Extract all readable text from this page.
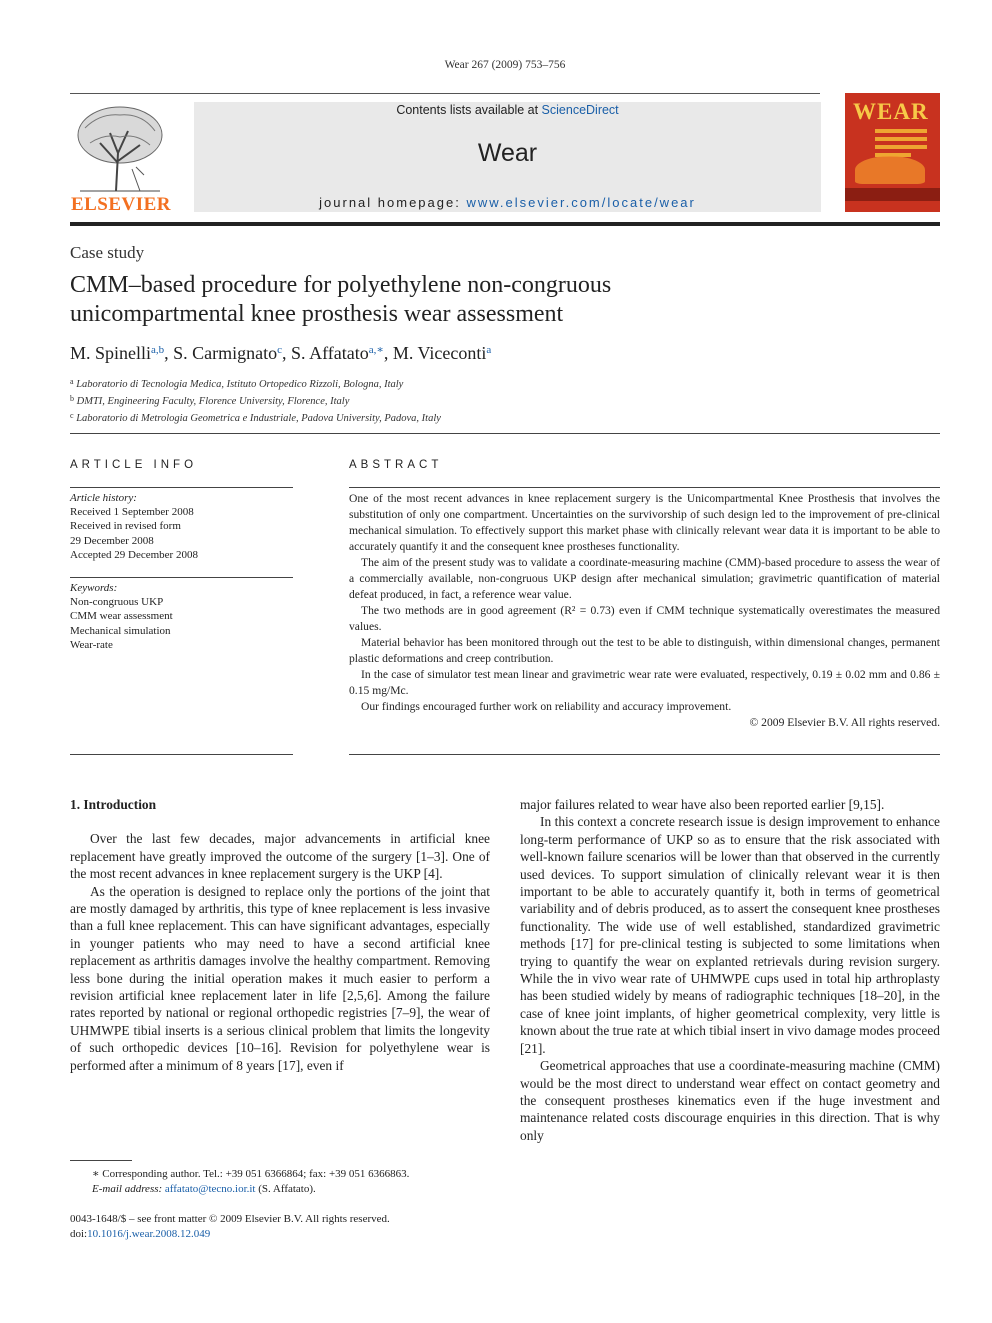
Wear 267 (2009) 753–756
ELSEVIER
Contents lists available at ScienceDirect
Wear
journal homepage: www.elsevier.com/locate/wear
WEAR
Case study
CMM–based procedure for polyethylene non-congruous
unicompartmental knee prosthesis wear assessment
M. Spinelli$^{a,b}$, S. Carmignato$^c$, S. Affatato$^{a,∗}$, M. Viceconti$^a$
$^a$ Laboratorio di Tecnologia Medica, Istituto Ortopedico Rizzoli, Bologna, Italy
$^b$ DMTI, Engineering Faculty, Florence University, Florence, Italy
$^c$ Laboratorio di Metrologia Geometrica e Industriale, Padova University, Padova, Italy
ARTICLE INFO	ABSTRACT
Article history:
Received 1 September 2008
Received in revised form
29 December 2008
Accepted 29 December 2008
Keywords:
Non-congruous UKP
CMM wear assessment
Mechanical simulation
Wear-rate

One of the most recent advances in knee replacement surgery is the Unicompartmental Knee Prosthesis that involves the substitution of only one compartment. Uncertainties on the survivorship of such design led to the improvement of pre-clinical mechanical simulation. To effectively support this market phase with clinically relevant wear data it is important to be able to accurately quantify it and the consequent knee prostheses functionality.

The aim of the present study was to validate a coordinate-measuring machine (CMM)-based procedure to assess the wear of a commercially available, non-congruous UKP design after mechanical simulation; gravimetric quantification of material defeat produced, in fact, a reference wear value.

The two methods are in good agreement (R² = 0.73) even if CMM technique systematically overestimates the measured values.

Material behavior has been monitored through out the test to be able to distinguish, within dimensional changes, permanent plastic deformations and creep contribution.

In the case of simulator test mean linear and gravimetric wear rate were evaluated, respectively, 0.19 ± 0.02 mm and 0.86 ± 0.15 mg/Mc.

Our findings encouraged further work on reliability and accuracy improvement.

© 2009 Elsevier B.V. All rights reserved.
1. Introduction

Over the last few decades, major advancements in artificial knee replacement have greatly improved the outcome of the surgery [1–3]. One of the most recent advances in knee replacement surgery is the UKP [4].

As the operation is designed to replace only the portions of the joint that are mostly damaged by arthritis, this type of knee replacement is less invasive than a full knee replacement. This can have significant advantages, especially in younger patients who may need to have a second artificial knee replacement as arthritis damages involve the healthy compartment. Removing less bone during the initial operation makes it much easier to perform a revision artificial knee replacement later in life [2,5,6]. Among the failure rates reported by national or regional orthopedic registries [7–9], the wear of UHMWPE tibial inserts is a serious clinical problem that limits the longevity of such orthopedic devices [10–16]. Revision for polyethylene wear is performed after a minimum of 8 years [17], even if

major failures related to wear have also been reported earlier [9,15].

In this context a concrete research issue is design improvement to enhance long-term performance of UKP so as to ensure that the risk associated with well-known failure scenarios will be lower than that observed in the currently used devices. To support simulation of clinically relevant wear it is then important to be able to accurately quantify it, both in terms of geometrical variability and of debris produced, as to assert the consequent knee prostheses functionality. The wide use of well established, standardized gravimetric methods [17] for pre-clinical testing is subjected to some limitations when trying to quantify the wear on explanted retrievals during revision surgery. While the in vivo wear rate of UHMWPE cups used in total hip arthroplasty has been studied widely by means of radiographic techniques [18–20], in the case of knee joint implants, of higher geometrical complexity, very little is known about the true rate at which tibial insert in vivo damage modes proceed [21].

Geometrical approaches that use a coordinate-measuring machine (CMM) would be the most direct to understand wear effect on contact geometry and the consequent prostheses kinematics even if the huge investment and maintenance related costs discourage enquiries in this direction. That is why only

∗ Corresponding author. Tel.: +39 051 6366864; fax: +39 051 6366863.
E-mail address: affatato@tecno.ior.it (S. Affatato).
0043-1648/$ – see front matter © 2009 Elsevier B.V. All rights reserved.
doi:10.1016/j.wear.2008.12.049
